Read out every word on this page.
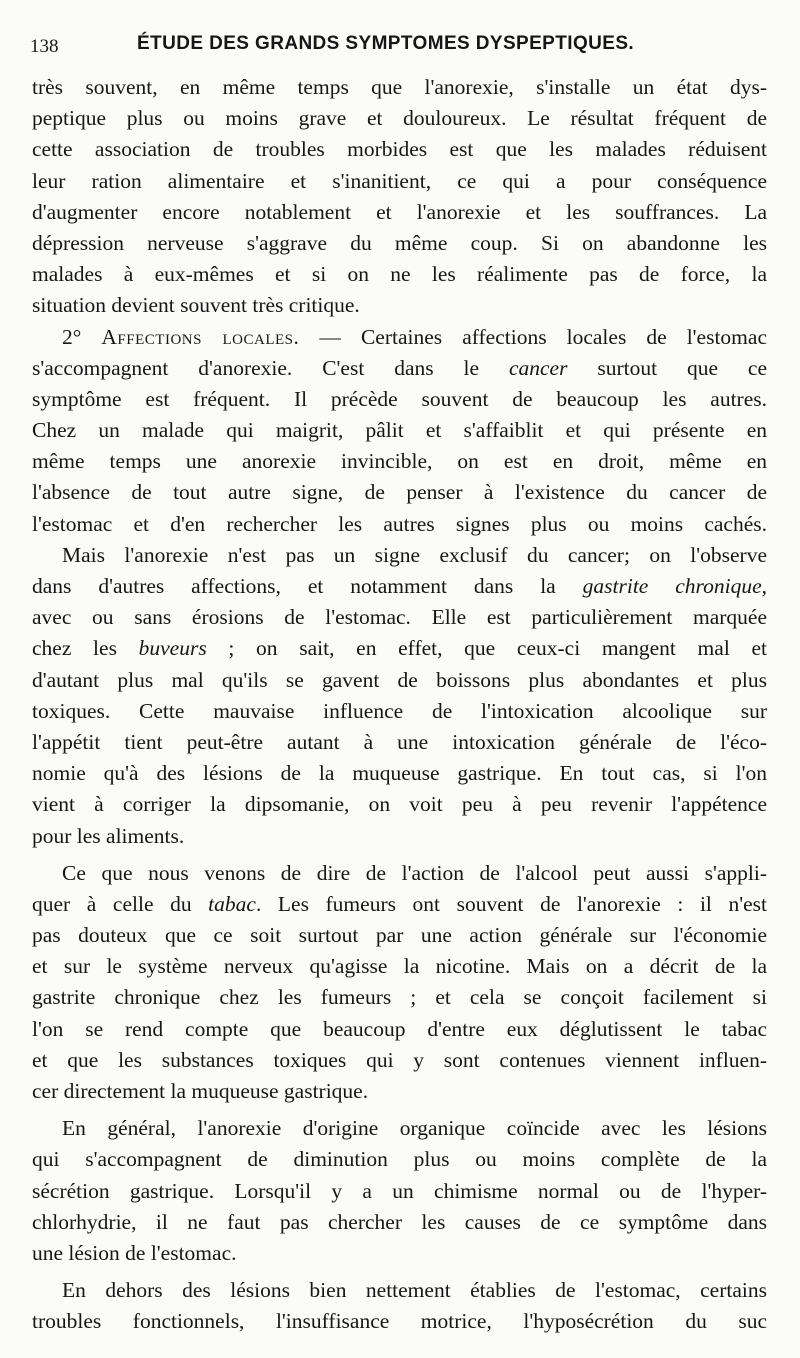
138	ÉTUDE DES GRANDS SYMPTOMES DYSPEPTIQUES.
très souvent, en même temps que l'anorexie, s'installe un état dys-
peptique plus ou moins grave et douloureux. Le résultat fréquent de
cette association de troubles morbides est que les malades réduisent
leur ration alimentaire et s'inanitient, ce qui a pour conséquence
d'augmenter encore notablement et l'anorexie et les souffrances. La
dépression nerveuse s'aggrave du même coup. Si on abandonne les
malades à eux-mêmes et si on ne les réalimente pas de force, la
situation devient souvent très critique.
2° Affections locales. — Certaines affections locales de l'estomac
s'accompagnent d'anorexie. C'est dans le cancer surtout que ce
symptôme est fréquent. Il précède souvent de beaucoup les autres.
Chez un malade qui maigrit, pâlit et s'affaiblit et qui présente en
même temps une anorexie invincible, on est en droit, même en
l'absence de tout autre signe, de penser à l'existence du cancer de
l'estomac et d'en rechercher les autres signes plus ou moins cachés.
Mais l'anorexie n'est pas un signe exclusif du cancer; on l'observe
dans d'autres affections, et notamment dans la gastrite chronique,
avec ou sans érosions de l'estomac. Elle est particulièrement marquée
chez les buveurs ; on sait, en effet, que ceux-ci mangent mal et
d'autant plus mal qu'ils se gavent de boissons plus abondantes et plus
toxiques. Cette mauvaise influence de l'intoxication alcoolique sur
l'appétit tient peut-être autant à une intoxication générale de l'éco-
nomie qu'à des lésions de la muqueuse gastrique. En tout cas, si l'on
vient à corriger la dipsomanie, on voit peu à peu revenir l'appétence
pour les aliments.
Ce que nous venons de dire de l'action de l'alcool peut aussi s'appli-
quer à celle du tabac. Les fumeurs ont souvent de l'anorexie : il n'est
pas douteux que ce soit surtout par une action générale sur l'économie
et sur le système nerveux qu'agisse la nicotine. Mais on a décrit de la
gastrite chronique chez les fumeurs ; et cela se conçoit facilement si
l'on se rend compte que beaucoup d'entre eux déglutissent le tabac
et que les substances toxiques qui y sont contenues viennent influen-
cer directement la muqueuse gastrique.
En général, l'anorexie d'origine organique coïncide avec les lésions
qui s'accompagnent de diminution plus ou moins complète de la
sécrétion gastrique. Lorsqu'il y a un chimisme normal ou de l'hyper-
chlorhydrie, il ne faut pas chercher les causes de ce symptôme dans
une lésion de l'estomac.
En dehors des lésions bien nettement établies de l'estomac, certains
troubles fonctionnels, l'insuffisance motrice, l'hyposécrétion du suc
